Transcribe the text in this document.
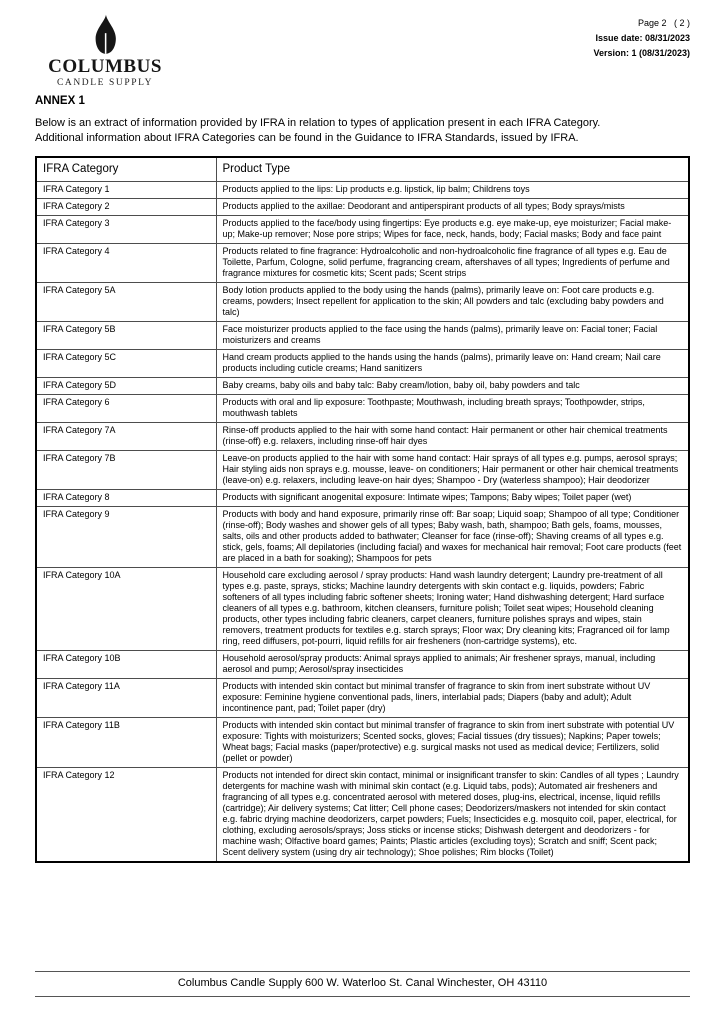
COLUMBUS
CANDLE SUPPLY
Page 2   ( 2 )
Issue date: 08/31/2023
Version: 1 (08/31/2023)
ANNEX 1
Below is an extract of information provided by IFRA in relation to types of application present in each IFRA Category.
Additional information about IFRA Categories can be found in the Guidance to IFRA Standards, issued by IFRA.
IFRA Category	Product Type
IFRA Category 1	Products applied to the lips: Lip products e.g. lipstick, lip balm; Childrens toys
IFRA Category 2	Products applied to the axillae: Deodorant and antiperspirant products of all types; Body sprays/mists
IFRA Category 3	Products applied to the face/body using fingertips: Eye products e.g. eye make-up, eye moisturizer; Facial make-up; Make-up remover; Nose pore strips; Wipes for face, neck, hands, body; Facial masks; Body and face paint
IFRA Category 4	Products related to fine fragrance: Hydroalcoholic and non-hydroalcoholic fine fragrance of all types e.g. Eau de Toilette, Parfum, Cologne, solid perfume, fragrancing cream, aftershaves of all types; Ingredients of perfume and fragrance mixtures for cosmetic kits; Scent pads; Scent strips
IFRA Category 5A	Body lotion products applied to the body using the hands (palms), primarily leave on: Foot care products e.g. creams, powders; Insect repellent for application to the skin; All powders and talc (excluding baby powders and talc)
IFRA Category 5B	Face moisturizer products applied to the face using the hands (palms), primarily leave on: Facial toner; Facial moisturizers and creams
IFRA Category 5C	Hand cream products applied to the hands using the hands (palms), primarily leave on: Hand cream; Nail care products including cuticle creams; Hand sanitizers
IFRA Category 5D	Baby creams, baby oils and baby talc: Baby cream/lotion, baby oil, baby powders and talc
IFRA Category 6	Products with oral and lip exposure: Toothpaste; Mouthwash, including breath sprays; Toothpowder, strips, mouthwash tablets
IFRA Category 7A	Rinse-off products applied to the hair with some hand contact: Hair permanent or other hair chemical treatments (rinse-off) e.g. relaxers, including rinse-off hair dyes
IFRA Category 7B	Leave-on products applied to the hair with some hand contact: Hair sprays of all types e.g. pumps, aerosol sprays; Hair styling aids non sprays e.g. mousse, leave- on conditioners; Hair permanent or other hair chemical treatments (leave-on) e.g. relaxers, including leave-on hair dyes; Shampoo - Dry (waterless shampoo); Hair deodorizer
IFRA Category 8	Products with significant anogenital exposure: Intimate wipes; Tampons; Baby wipes; Toilet paper (wet)
IFRA Category 9	Products with body and hand exposure, primarily rinse off: Bar soap; Liquid soap; Shampoo of all type; Conditioner (rinse-off); Body washes and shower gels of all types; Baby wash, bath, shampoo; Bath gels, foams, mousses, salts, oils and other products added to bathwater; Cleanser for face (rinse-off); Shaving creams of all types e.g. stick, gels, foams; All depilatories (including facial) and waxes for mechanical hair removal; Foot care products (feet are placed in a bath for soaking); Shampoos for pets
IFRA Category 10A	Household care excluding aerosol / spray products: Hand wash laundry detergent; Laundry pre-treatment of all types e.g. paste, sprays, sticks; Machine laundry detergents with skin contact e.g. liquids, powders; Fabric softeners of all types including fabric softener sheets; Ironing water; Hand dishwashing detergent; Hard surface cleaners of all types e.g. bathroom, kitchen cleansers, furniture polish; Toilet seat wipes; Household cleaning products, other types including fabric cleaners, carpet cleaners, furniture polishes sprays and wipes, stain removers, treatment products for textiles e.g. starch sprays; Floor wax; Dry cleaning kits; Fragranced oil for lamp ring, reed diffusers, pot-pourri, liquid refills for air fresheners (non-cartridge systems), etc.
IFRA Category 10B	Household aerosol/spray products: Animal sprays applied to animals; Air freshener sprays, manual, including aerosol and pump; Aerosol/spray insecticides
IFRA Category 11A	Products with intended skin contact but minimal transfer of fragrance to skin from inert substrate without UV exposure: Feminine hygiene conventional pads, liners, interlabial pads; Diapers (baby and adult); Adult incontinence pant, pad; Toilet paper (dry)
IFRA Category 11B	Products with intended skin contact but minimal transfer of fragrance to skin from inert substrate with potential UV exposure: Tights with moisturizers; Scented socks, gloves; Facial tissues (dry tissues); Napkins; Paper towels; Wheat bags; Facial masks (paper/protective) e.g. surgical masks not used as medical device; Fertilizers, solid (pellet or powder)
IFRA Category 12	Products not intended for direct skin contact, minimal or insignificant transfer to skin: Candles of all types ; Laundry detergents for machine wash with minimal skin contact (e.g. Liquid tabs, pods); Automated air fresheners and fragrancing of all types e.g. concentrated aerosol with metered doses, plug-ins, electrical, incense, liquid refills (cartridge); Air delivery systems; Cat litter; Cell phone cases; Deodorizers/maskers not intended for skin contact e.g. fabric drying machine deodorizers, carpet powders; Fuels; Insecticides e.g. mosquito coil, paper, electrical, for clothing, excluding aerosols/sprays; Joss sticks or incense sticks; Dishwash detergent and deodorizers - for machine wash; Olfactive board games; Paints; Plastic articles (excluding toys); Scratch and sniff; Scent pack; Scent delivery system (using dry air technology); Shoe polishes; Rim blocks (Toilet)
Columbus Candle Supply 600 W. Waterloo St. Canal Winchester, OH 43110
